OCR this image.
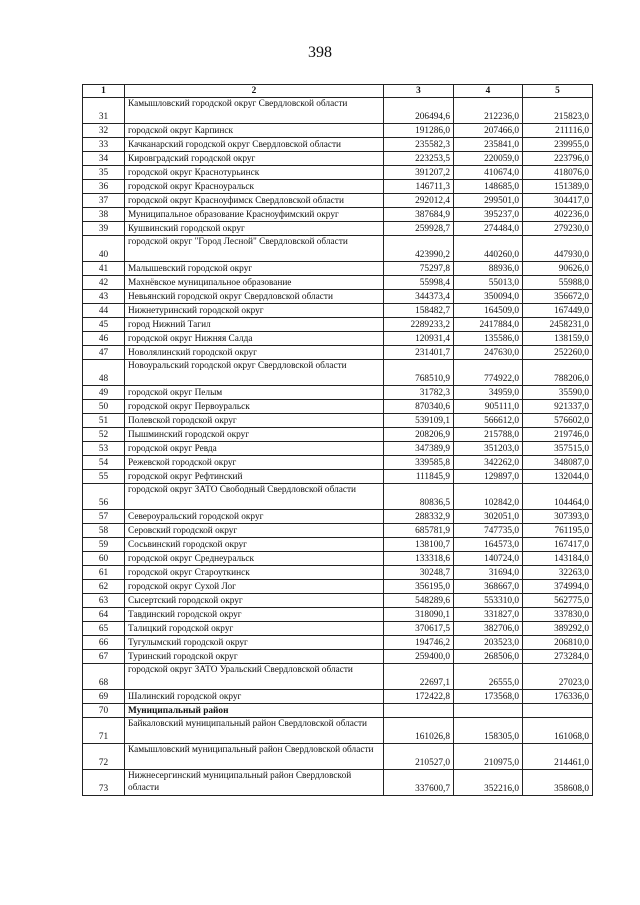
398
1	2	3	4	5
31	Камышловский городской округ Свердловской области	206494,6	212236,0	215823,0
32	городской округ Карпинск	191286,0	207466,0	211116,0
33	Качканарский городской округ Свердловской области	235582,3	235841,0	239955,0
34	Кировградский городской округ	223253,5	220059,0	223796,0
35	городской округ Краснотурьинск	391207,2	410674,0	418076,0
36	городской округ Красноуральск	146711,3	148685,0	151389,0
37	городской округ Красноуфимск Свердловской области	292012,4	299501,0	304417,0
38	Муниципальное образование Красноуфимский округ	387684,9	395237,0	402236,0
39	Кушвинский городской округ	259928,7	274484,0	279230,0
40	городской округ "Город Лесной" Свердловской области	423990,2	440260,0	447930,0
41	Малышевский городской округ	75297,8	88936,0	90626,0
42	Махнёвское муниципальное образование	55998,4	55013,0	55988,0
43	Невьянский городской округ Свердловской области	344373,4	350094,0	356672,0
44	Нижнетуринский городской округ	158482,7	164509,0	167449,0
45	город Нижний Тагил	2289233,2	2417884,0	2458231,0
46	городской округ Нижняя Салда	120931,4	135586,0	138159,0
47	Новолялинский городской округ	231401,7	247630,0	252260,0
48	Новоуральский городской округ Свердловской области	768510,9	774922,0	788206,0
49	городской округ Пелым	31782,3	34959,0	35590,0
50	городской округ Первоуральск	870340,6	905111,0	921337,0
51	Полевской городской округ	539109,1	566612,0	576602,0
52	Пышминский городской округ	208206,9	215788,0	219746,0
53	городской округ Ревда	347389,9	351203,0	357515,0
54	Режевской городской округ	339585,8	342262,0	348087,0
55	городской округ Рефтинский	111845,9	129897,0	132044,0
56	городской округ ЗАТО Свободный Свердловской области	80836,5	102842,0	104464,0
57	Североуральский городской округ	288332,9	302051,0	307393,0
58	Серовский городской округ	685781,9	747735,0	761195,0
59	Сосьвинский городской округ	138100,7	164573,0	167417,0
60	городской округ Среднеуральск	133318,6	140724,0	143184,0
61	городской округ Староуткинск	30248,7	31694,0	32263,0
62	городской округ Сухой Лог	356195,0	368667,0	374994,0
63	Сысертский городской округ	548289,6	553310,0	562775,0
64	Тавдинский городской округ	318090,1	331827,0	337830,0
65	Талицкий городской округ	370617,5	382706,0	389292,0
66	Тугулымский городской округ	194746,2	203523,0	206810,0
67	Туринский городской округ	259400,0	268506,0	273284,0
68	городской округ ЗАТО Уральский Свердловской области	22697,1	26555,0	27023,0
69	Шалинский городской округ	172422,8	173568,0	176336,0
70	Муниципальный район			
71	Байкаловский муниципальный район Свердловской области	161026,8	158305,0	161068,0
72	Камышловский муниципальный район Свердловской области	210527,0	210975,0	214461,0
73	Нижнесергинский муниципальный район Свердловской области	337600,7	352216,0	358608,0
